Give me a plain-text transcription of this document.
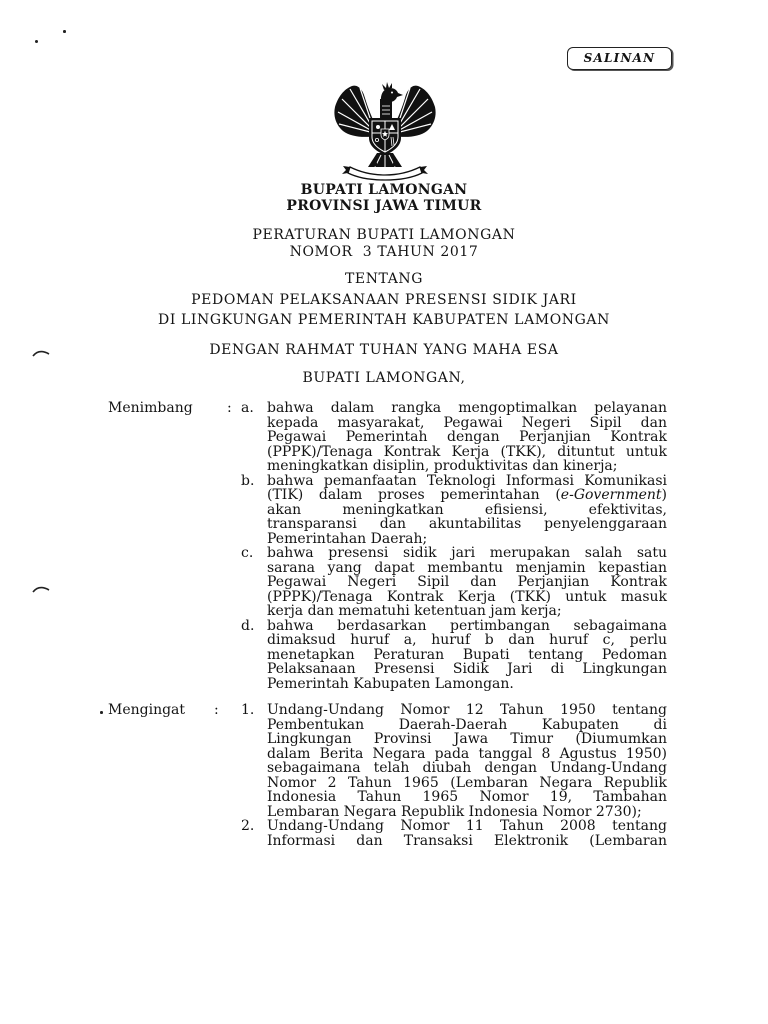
SALINAN
BUPATI LAMONGAN
PROVINSI JAWA TIMUR
PERATURAN BUPATI LAMONGAN
NOMOR  3 TAHUN 2017
TENTANG
PEDOMAN PELAKSANAAN PRESENSI SIDIK JARI
DI LINGKUNGAN PEMERINTAH KABUPATEN LAMONGAN
DENGAN RAHMAT TUHAN YANG MAHA ESA
BUPATI LAMONGAN,
Menimbang : a. bahwa dalam rangka mengoptimalkan pelayanan
kepada masyarakat, Pegawai Negeri Sipil dan
Pegawai Pemerintah dengan Perjanjian Kontrak
(PPPK)/Tenaga Kontrak Kerja (TKK), dituntut untuk
meningkatkan disiplin, produktivitas dan kinerja;
b. bahwa pemanfaatan Teknologi Informasi Komunikasi
(TIK) dalam proses pemerintahan (e-Government)
akan meningkatkan efisiensi, efektivitas,
transparansi dan akuntabilitas penyelenggaraan
Pemerintahan Daerah;
c. bahwa presensi sidik jari merupakan salah satu
sarana yang dapat membantu menjamin kepastian
Pegawai Negeri Sipil dan Perjanjian Kontrak
(PPPK)/Tenaga Kontrak Kerja (TKK) untuk masuk
kerja dan mematuhi ketentuan jam kerja;
d. bahwa berdasarkan pertimbangan sebagaimana
dimaksud huruf a, huruf b dan huruf c, perlu
menetapkan Peraturan Bupati tentang Pedoman
Pelaksanaan Presensi Sidik Jari di Lingkungan
Pemerintah Kabupaten Lamongan.
Mengingat : 1. Undang-Undang Nomor 12 Tahun 1950 tentang
Pembentukan Daerah-Daerah Kabupaten di
Lingkungan Provinsi Jawa Timur (Diumumkan
dalam Berita Negara pada tanggal 8 Agustus 1950)
sebagaimana telah diubah dengan Undang-Undang
Nomor 2 Tahun 1965 (Lembaran Negara Republik
Indonesia Tahun 1965 Nomor 19, Tambahan
Lembaran Negara Republik Indonesia Nomor 2730);
2. Undang-Undang Nomor 11 Tahun 2008 tentang
Informasi dan Transaksi Elektronik (Lembaran
